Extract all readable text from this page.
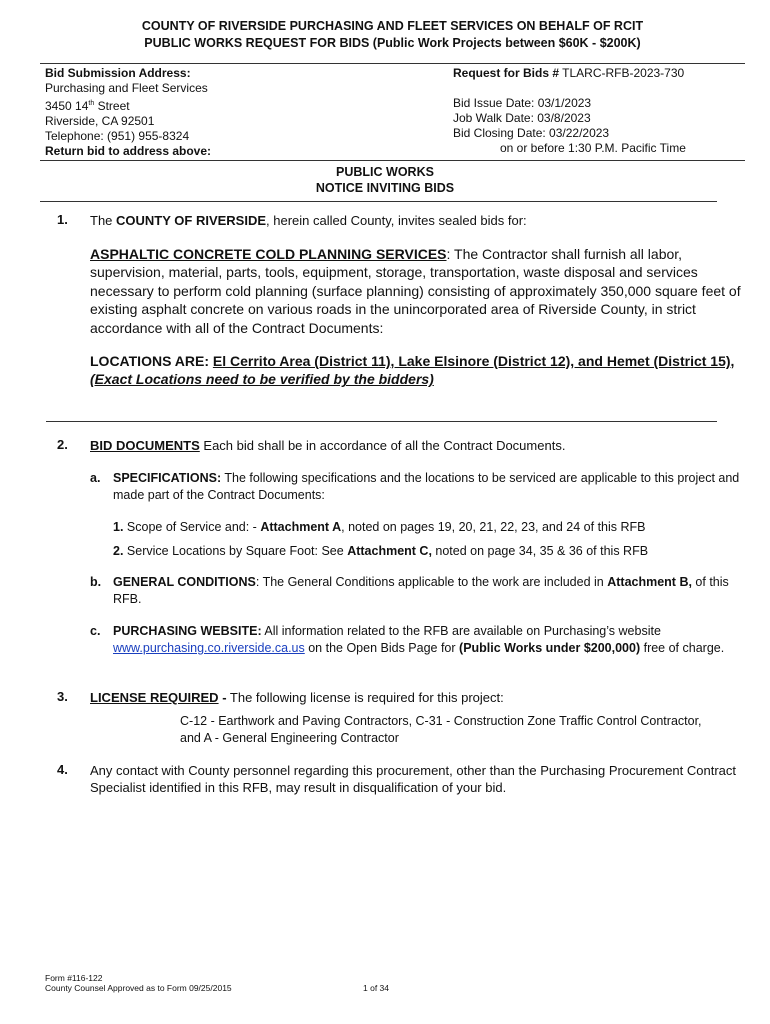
COUNTY OF RIVERSIDE PURCHASING AND FLEET SERVICES ON BEHALF OF RCIT
PUBLIC WORKS REQUEST FOR BIDS (Public Work Projects between $60K - $200K)
Bid Submission Address:
Purchasing and Fleet Services
3450 14th Street
Riverside, CA 92501
Telephone: (951) 955-8324
Return bid to address above:
Request for Bids # TLARC-RFB-2023-730
Bid Issue Date: 03/1/2023
Job Walk Date: 03/8/2023
Bid Closing Date: 03/22/2023
on or before 1:30 P.M. Pacific Time
PUBLIC WORKS
NOTICE INVITING BIDS
1. The COUNTY OF RIVERSIDE, herein called County, invites sealed bids for:
ASPHALTIC CONCRETE COLD PLANNING SERVICES: The Contractor shall furnish all labor, supervision, material, parts, tools, equipment, storage, transportation, waste disposal and services necessary to perform cold planning (surface planning) consisting of approximately 350,000 square feet of existing asphalt concrete on various roads in the unincorporated area of Riverside County, in strict accordance with all of the Contract Documents:
LOCATIONS ARE: El Cerrito Area (District 11), Lake Elsinore (District 12), and Hemet (District 15), (Exact Locations need to be verified by the bidders)
2. BID DOCUMENTS Each bid shall be in accordance of all the Contract Documents.
a. SPECIFICATIONS: The following specifications and the locations to be serviced are applicable to this project and made part of the Contract Documents:
1. Scope of Service and: - Attachment A, noted on pages 19, 20, 21, 22, 23, and 24 of this RFB
2. Service Locations by Square Foot: See Attachment C, noted on page 34, 35 & 36 of this RFB
b. GENERAL CONDITIONS: The General Conditions applicable to the work are included in Attachment B, of this RFB.
c. PURCHASING WEBSITE: All information related to the RFB are available on Purchasing’s website www.purchasing.co.riverside.ca.us on the Open Bids Page for (Public Works under $200,000) free of charge.
3. LICENSE REQUIRED - The following license is required for this project:
C-12 - Earthwork and Paving Contractors, C-31 - Construction Zone Traffic Control Contractor, and A - General Engineering Contractor
4. Any contact with County personnel regarding this procurement, other than the Purchasing Procurement Contract Specialist identified in this RFB, may result in disqualification of your bid.
Form #116-122
County Counsel Approved as to Form 09/25/2015	1 of 34
